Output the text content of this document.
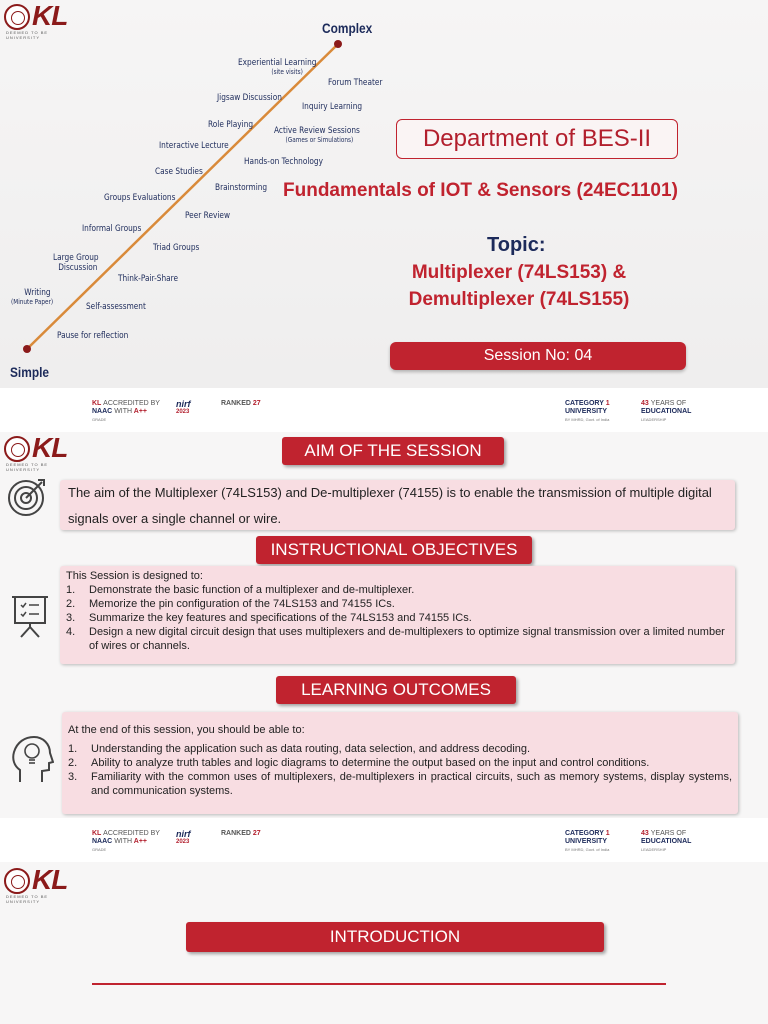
KL
DEEMED TO BE UNIVERSITY
Complex
Simple
Experiential Learning
(site visits)
Forum Theater
Jigsaw Discussion
Inquiry Learning
Role Playing
Active Review Sessions
(Games or Simulations)
Interactive Lecture
Hands-on Technology
Case Studies
Brainstorming
Groups Evaluations
Peer Review
Informal Groups
Triad Groups
Large Group
Discussion
Think-Pair-Share
Writing
(Minute Paper)	Self-assessment
Pause for reflection
Department of BES-II
Fundamentals of IOT & Sensors (24EC1101)
Topic:
Multiplexer (74LS153) &
Demultiplexer (74LS155)
Session No: 04
KL ACCREDITED BY
NAAC WITH A++
GRADE
nirf
2023
RANKED 27	CATEGORY 1
UNIVERSITY
BY MHRD, Govt. of India
43 YEARS OF
EDUCATIONAL
LEADERSHIP
KL
DEEMED TO BE UNIVERSITY
AIM OF THE SESSION
The aim of the Multiplexer (74LS153) and De-multiplexer (74155) is to enable the transmission of multiple digital signals over a single channel or wire.
INSTRUCTIONAL OBJECTIVES
This Session is designed to:
1. Demonstrate the basic function of a multiplexer and de-multiplexer.
2. Memorize the pin configuration of the 74LS153 and 74155 ICs.
3. Summarize the key features and specifications of the 74LS153 and 74155 ICs.
4. Design a new digital circuit design that uses multiplexers and de-multiplexers to optimize signal transmission over a limited number of wires or channels.
LEARNING OUTCOMES
At the end of this session, you should be able to:
1. Understanding the application such as data routing, data selection, and address decoding.
2. Ability to analyze truth tables and logic diagrams to determine the output based on the input and control conditions.
3. Familiarity with the common uses of multiplexers, de-multiplexers in practical circuits, such as memory systems, display systems, and communication systems.
KL ACCREDITED BY
NAAC WITH A++
GRADE
nirf
2023
RANKED 27	CATEGORY 1
UNIVERSITY
BY MHRD, Govt. of India
43 YEARS OF
EDUCATIONAL
LEADERSHIP
KL
DEEMED TO BE UNIVERSITY
INTRODUCTION
